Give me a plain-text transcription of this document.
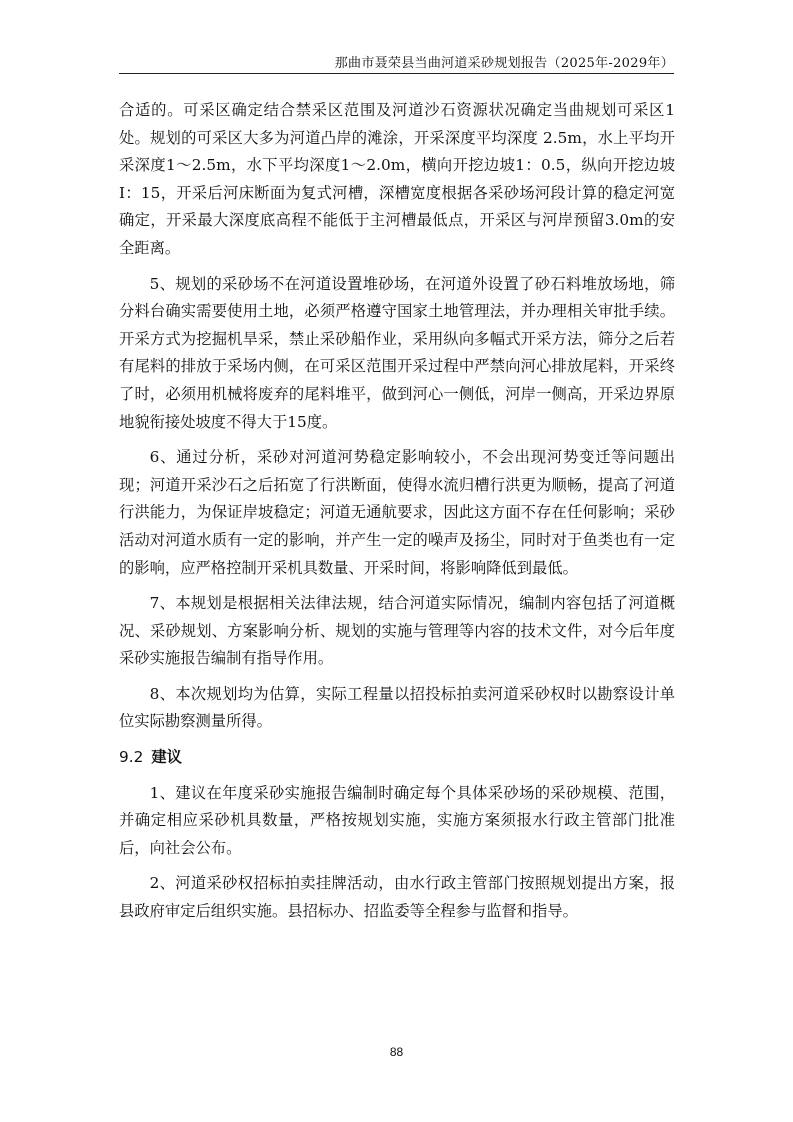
那曲市聂荣县当曲河道采砂规划报告（2025年-2029年）

合适的。可采区确定结合禁采区范围及河道沙石资源状况确定当曲规划可采区1处。规划的可采区大多为河道凸岸的滩涂，开采深度平均深度 2.5m，水上平均开采深度1～2.5m，水下平均深度1～2.0m，横向开挖边坡1：0.5，纵向开挖边坡I：15，开采后河床断面为复式河槽，深槽宽度根据各采砂场河段计算的稳定河宽确定，开采最大深度底高程不能低于主河槽最低点，开采区与河岸预留3.0m的安全距离。

5、规划的采砂场不在河道设置堆砂场，在河道外设置了砂石料堆放场地，筛分料台确实需要使用土地，必须严格遵守国家土地管理法，并办理相关审批手续。开采方式为挖掘机旱采，禁止采砂船作业，采用纵向多幅式开采方法，筛分之后若有尾料的排放于采场内侧，在可采区范围开采过程中严禁向河心排放尾料，开采终了时，必须用机械将废弃的尾料堆平，做到河心一侧低，河岸一侧高，开采边界原地貌衔接处坡度不得大于15度。

6、通过分析，采砂对河道河势稳定影响较小，不会出现河势变迁等问题出现；河道开采沙石之后拓宽了行洪断面，使得水流归槽行洪更为顺畅，提高了河道行洪能力，为保证岸坡稳定；河道无通航要求，因此这方面不存在任何影响；采砂活动对河道水质有一定的影响，并产生一定的噪声及扬尘，同时对于鱼类也有一定的影响，应严格控制开采机具数量、开采时间，将影响降低到最低。

7、本规划是根据相关法律法规，结合河道实际情况，编制内容包括了河道概况、采砂规划、方案影响分析、规划的实施与管理等内容的技术文件，对今后年度采砂实施报告编制有指导作用。

8、本次规划均为估算，实际工程量以招投标拍卖河道采砂权时以勘察设计单位实际勘察测量所得。

9.2 建议

1、建议在年度采砂实施报告编制时确定每个具体采砂场的采砂规模、范围，并确定相应采砂机具数量，严格按规划实施，实施方案须报水行政主管部门批准后，向社会公布。

2、河道采砂权招标拍卖挂牌活动，由水行政主管部门按照规划提出方案，报县政府审定后组织实施。县招标办、招监委等全程参与监督和指导。

88
